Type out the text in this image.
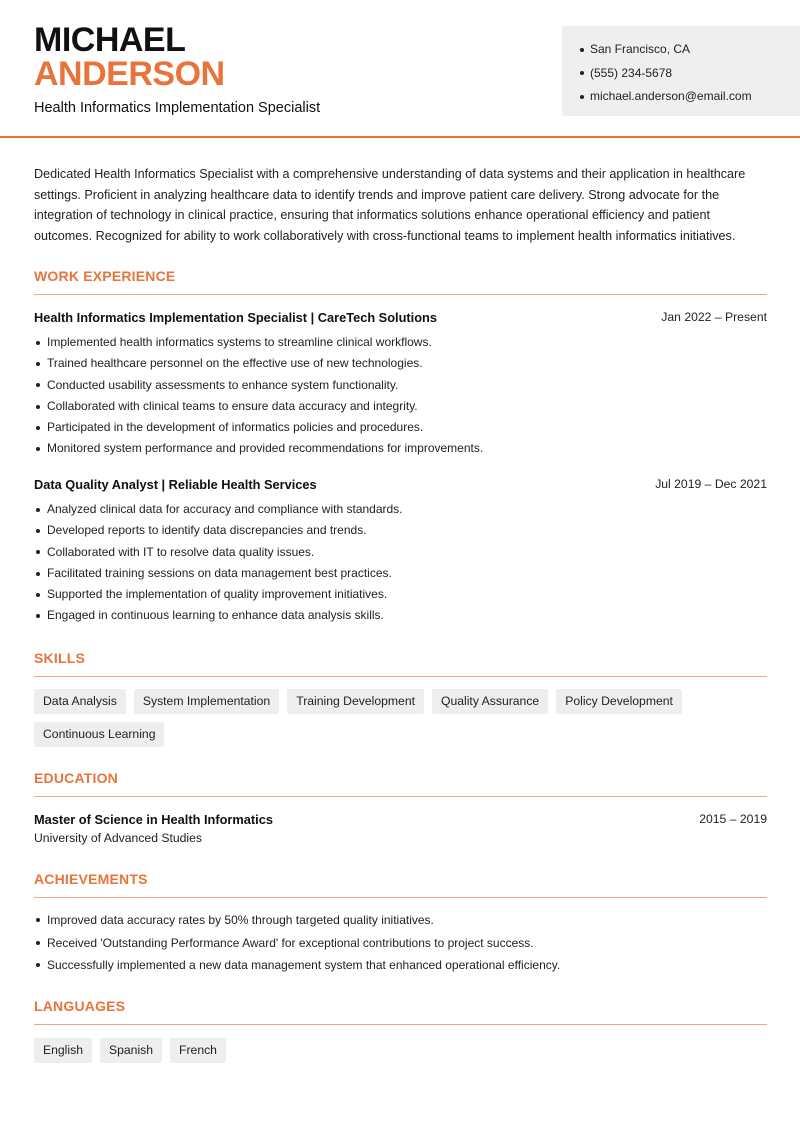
MICHAEL
ANDERSON
Health Informatics Implementation Specialist
San Francisco, CA
(555) 234-5678
michael.anderson@email.com

Dedicated Health Informatics Specialist with a comprehensive understanding of data systems and their application in healthcare settings. Proficient in analyzing healthcare data to identify trends and improve patient care delivery. Strong advocate for the integration of technology in clinical practice, ensuring that informatics solutions enhance operational efficiency and patient outcomes. Recognized for ability to work collaboratively with cross-functional teams to implement health informatics initiatives.

WORK EXPERIENCE
Health Informatics Implementation Specialist | CareTech Solutions	Jan 2022 – Present
Implemented health informatics systems to streamline clinical workflows.
Trained healthcare personnel on the effective use of new technologies.
Conducted usability assessments to enhance system functionality.
Collaborated with clinical teams to ensure data accuracy and integrity.
Participated in the development of informatics policies and procedures.
Monitored system performance and provided recommendations for improvements.
Data Quality Analyst | Reliable Health Services	Jul 2019 – Dec 2021
Analyzed clinical data for accuracy and compliance with standards.
Developed reports to identify data discrepancies and trends.
Collaborated with IT to resolve data quality issues.
Facilitated training sessions on data management best practices.
Supported the implementation of quality improvement initiatives.
Engaged in continuous learning to enhance data analysis skills.
SKILLS
Data Analysis	System Implementation	Training Development	Quality Assurance	Policy Development
Continuous Learning
EDUCATION
Master of Science in Health Informatics	2015 – 2019
University of Advanced Studies
ACHIEVEMENTS
Improved data accuracy rates by 50% through targeted quality initiatives.
Received 'Outstanding Performance Award' for exceptional contributions to project success.
Successfully implemented a new data management system that enhanced operational efficiency.
LANGUAGES
English	Spanish	French
